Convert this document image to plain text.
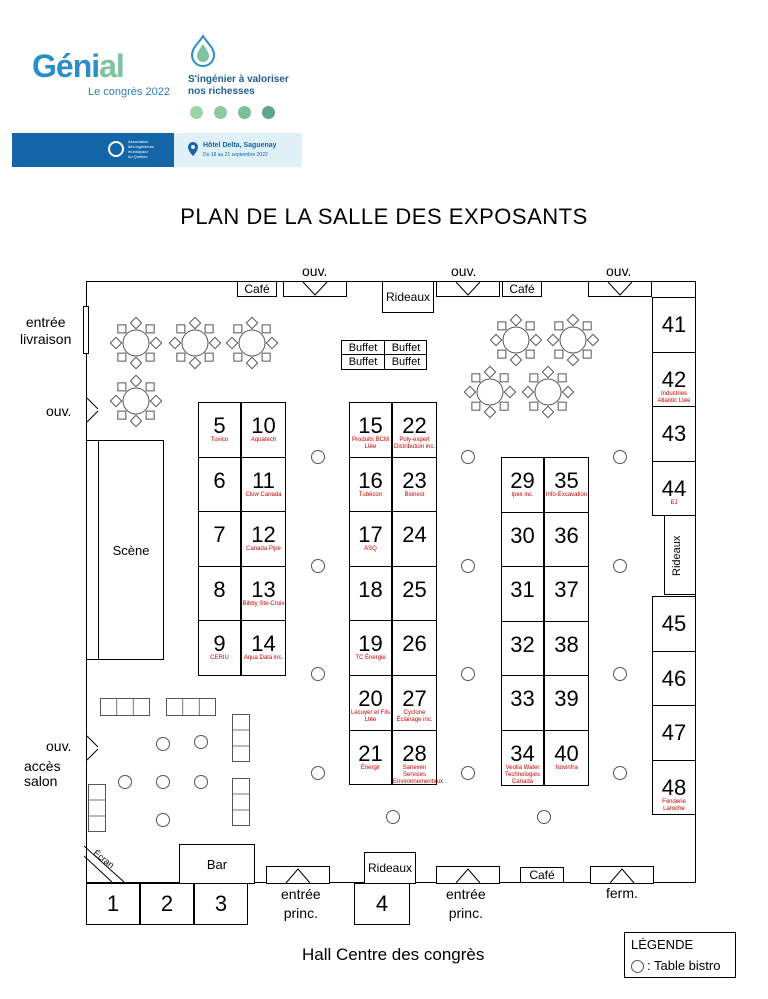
Génial
Le congrès 2022
S'ingénier à valoriser
nos richesses
Association
des ingénieurs
municipaux
du Québec
Hôtel Delta, Saguenay
Du 18 au 21 septembre 2022
PLAN DE LA SALLE DES EXPOSANTS
ouv.	ouv.	ouv.
Café	Café
Rideaux
entrée
livraison
ouv.
ouv.
accès
salon
Scène
Buffet	Buffet
Buffet	Buffet
5
Tuvico
6
7
8
9
CERIU
10
Aquatech
11
Clow Canada
12
Canada Pipe
13
Bibby Ste-Croix
14
Aqua Data inc.
15
Produits BCM Ltée
16
Tubécon
17
ASQ
18
19
TC Énergie
20
Lécuyer et Fils Ltée
21
Énergir
22
Poly-expert Distribution inc.
23
Bionest
24
25
26
27
Cyclone Éclairage inc.
28
Sanexen Services Environnementaux
29
Ipex inc.
30
31
32
33
34
Veolia Water Technologies Canada
35
Info-Excavation
36
37
38
39
40
Novinfra
41
42
Industries Atlantic Ltée
43
44
EJ
45
46
47
48
Fonderie Laroche
1	2	3	4
Rideaux
Écran	Bar	Rideaux	Café
entrée
princ.
entrée
princ.
ferm.
Hall Centre des congrès
LÉGENDE
: Table bistro
